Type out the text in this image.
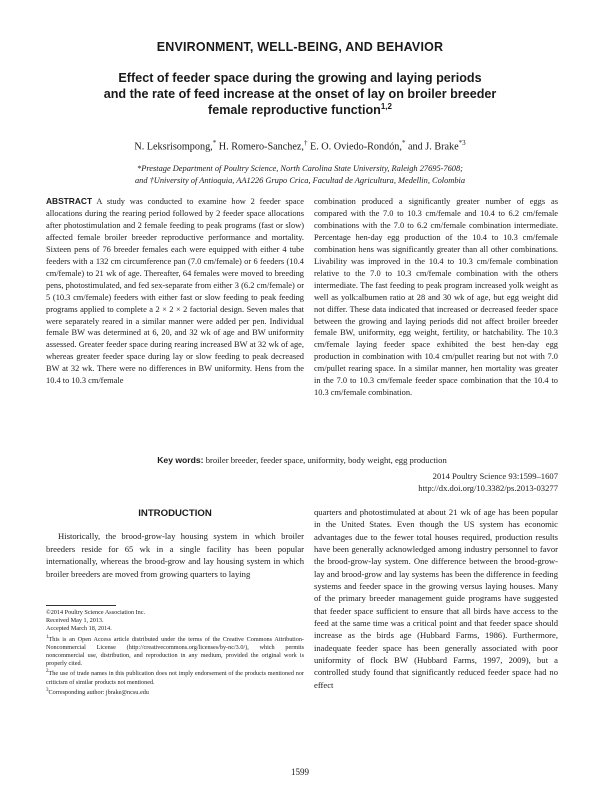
ENVIRONMENT, WELL-BEING, AND BEHAVIOR
Effect of feeder space during the growing and laying periods
and the rate of feed increase at the onset of lay on broiler breeder
female reproductive function$^{1,2}$
N. Leksrisompong,* H. Romero-Sanchez,† E. O. Oviedo-Rondón,* and J. Brake$^{*3}$
*Prestage Department of Poultry Science, North Carolina State University, Raleigh 27695-7608;
and †University of Antioquia, AA1226 Grupo Crica, Facultad de Agricultura, Medellin, Colombia
ABSTRACT A study was conducted to examine how 2 feeder space allocations during the rearing period followed by 2 feeder space allocations after photostimulation and 2 female feeding to peak programs (fast or slow) affected female broiler breeder reproductive performance and mortality. Sixteen pens of 76 breeder females each were equipped with either 4 tube feeders with a 132 cm circumference pan (7.0 cm/female) or 6 feeders (10.4 cm/female) to 21 wk of age. Thereafter, 64 females were moved to breeding pens, photostimulated, and fed sex-separate from either 3 (6.2 cm/female) or 5 (10.3 cm/female) feeders with either fast or slow feeding to peak feeding programs applied to complete a 2 × 2 × 2 factorial design. Seven males that were separately reared in a similar manner were added per pen. Individual female BW was determined at 6, 20, and 32 wk of age and BW uniformity assessed. Greater feeder space during rearing increased BW at 32 wk of age, whereas greater feeder space during lay or slow feeding to peak decreased BW at 32 wk. There were no differences in BW uniformity. Hens from the 10.4 to 10.3 cm/female
combination produced a significantly greater number of eggs as compared with the 7.0 to 10.3 cm/female and 10.4 to 6.2 cm/female combinations with the 7.0 to 6.2 cm/female combination intermediate. Percentage hen-day egg production of the 10.4 to 10.3 cm/female combination hens was significantly greater than all other combinations. Livability was improved in the 10.4 to 10.3 cm/female combination relative to the 7.0 to 10.3 cm/female combination with the others intermediate. The fast feeding to peak program increased yolk weight as well as yolk:albumen ratio at 28 and 30 wk of age, but egg weight did not differ. These data indicated that increased or decreased feeder space between the growing and laying periods did not affect broiler breeder female BW, uniformity, egg weight, fertility, or hatchability. The 10.3 cm/female laying feeder space exhibited the best hen-day egg production in combination with 10.4 cm/pullet rearing but not with 7.0 cm/pullet rearing space. In a similar manner, hen mortality was greater in the 7.0 to 10.3 cm/female feeder space combination that the 10.4 to 10.3 cm/female combination.
Key words: broiler breeder, feeder space, uniformity, body weight, egg production
2014 Poultry Science 93:1599–1607
http://dx.doi.org/10.3382/ps.2013-03277
INTRODUCTION

Historically, the brood-grow-lay housing system in which broiler breeders reside for 65 wk in a single facility has been popular internationally, whereas the brood-grow and lay housing system in which broiler breeders are moved from growing quarters to laying

quarters and photostimulated at about 21 wk of age has been popular in the United States. Even though the US system has economic advantages due to the fewer total houses required, production results have been generally acknowledged among industry personnel to favor the brood-grow-lay system. One difference between the brood-grow-lay and brood-grow and lay systems has been the difference in feeding systems and feeder space in the growing versus laying houses. Many of the primary breeder management guide programs have suggested that feeder space sufficient to ensure that all birds have access to the feed at the same time was a critical point and that feeder space should increase as the birds age (Hubbard Farms, 1986). Furthermore, inadequate feeder space has been generally associated with poor uniformity of flock BW (Hubbard Farms, 1997, 2009), but a controlled study found that significantly reduced feeder space had no effect

©2014 Poultry Science Association Inc.

Received May 1, 2013.

Accepted March 18, 2014.

$^1$This is an Open Access article distributed under the terms of the Creative Commons Attribution-Noncommercial License (http://creativecommons.org/licenses/by-nc/3.0/), which permits noncommercial use, distribution, and reproduction in any medium, provided the original work is properly cited.

$^2$The use of trade names in this publication does not imply endorsement of the products mentioned nor criticism of similar products not mentioned.

$^3$Corresponding author: jbrake@ncsu.edu

1599
